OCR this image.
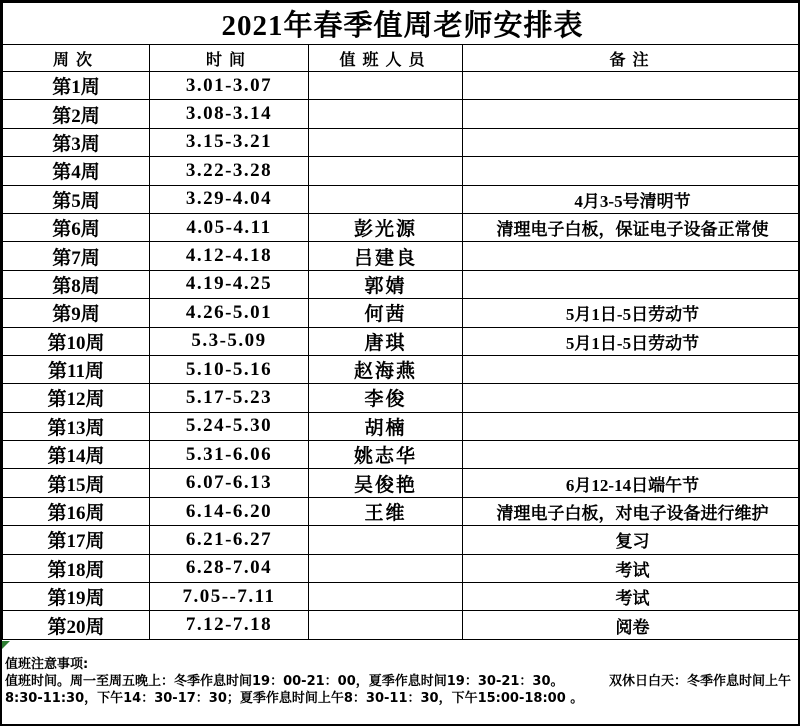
2021年春季值周老师安排表			
周次	时间	值班人员	备注
第1周	3.01-3.07		
第2周	3.08-3.14		
第3周	3.15-3.21		
第4周	3.22-3.28		
第5周	3.29-4.04		4月3-5号清明节
第6周	4.05-4.11	彭光源	清理电子白板，保证电子设备正常使
第7周	4.12-4.18	吕建良	
第8周	4.19-4.25	郭婧	
第9周	4.26-5.01	何茜	5月1日-5日劳动节
第10周	5.3-5.09	唐琪	5月1日-5日劳动节
第11周	5.10-5.16	赵海燕	
第12周	5.17-5.23	李俊	
第13周	5.24-5.30	胡楠	
第14周	5.31-6.06	姚志华	
第15周	6.07-6.13	吴俊艳	6月12-14日端午节
第16周	6.14-6.20	王维	清理电子白板，对电子设备进行维护
第17周	6.21-6.27		复习
第18周	6.28-7.04		考试
第19周	7.05--7.11		考试
第20周	7.12-7.18		阅卷
值班注意事项:
值班时间。周一至周五晚上：冬季作息时间19：00-21：00，夏季作息时间19：30-21：30。　　　　双休日白天：冬季作息时间上午8:30-11:30，下午14：30-17：30；夏季作息时间上午8：30-11：30，下午15:00-18:00 。
